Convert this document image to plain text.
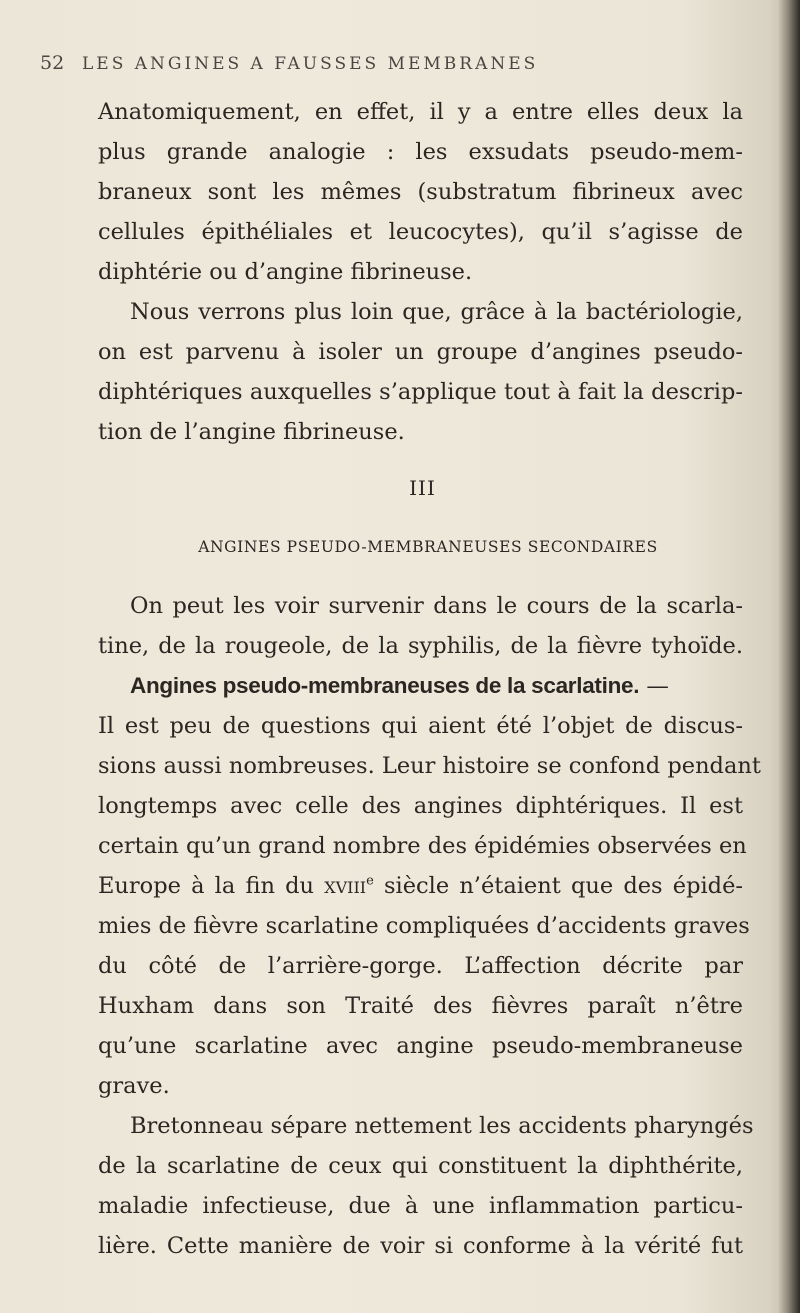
52 LES ANGINES A FAUSSES MEMBRANES
Anatomiquement, en effet, il y a entre elles deux la
plus grande analogie : les exsudats pseudo-mem-
braneux sont les mêmes (substratum fibrineux avec
cellules épithéliales et leucocytes), qu’il s’agisse de
diphtérie ou d’angine fibrineuse.
Nous verrons plus loin que, grâce à la bactériologie,
on est parvenu à isoler un groupe d’angines pseudo-
diphtériques auxquelles s’applique tout à fait la descrip-
tion de l’angine fibrineuse.
III
ANGINES PSEUDO-MEMBRANEUSES SECONDAIRES
On peut les voir survenir dans le cours de la scarla-
tine, de la rougeole, de la syphilis, de la fièvre tyhoïde.
Angines pseudo-membraneuses de la scarlatine. —
Il est peu de questions qui aient été l’objet de discus-
sions aussi nombreuses. Leur histoire se confond pendant
longtemps avec celle des angines diphtériques. Il est
certain qu’un grand nombre des épidémies observées en
Europe à la fin du xviii$^e$ siècle n’étaient que des épidé-
mies de fièvre scarlatine compliquées d’accidents graves
du côté de l’arrière-gorge. L’affection décrite par
Huxham dans son Traité des fièvres paraît n’être
qu’une scarlatine avec angine pseudo-membraneuse
grave.
Bretonneau sépare nettement les accidents pharyngés
de la scarlatine de ceux qui constituent la diphthérite,
maladie infectieuse, due à une inflammation particu-
lière. Cette manière de voir si conforme à la vérité fut
